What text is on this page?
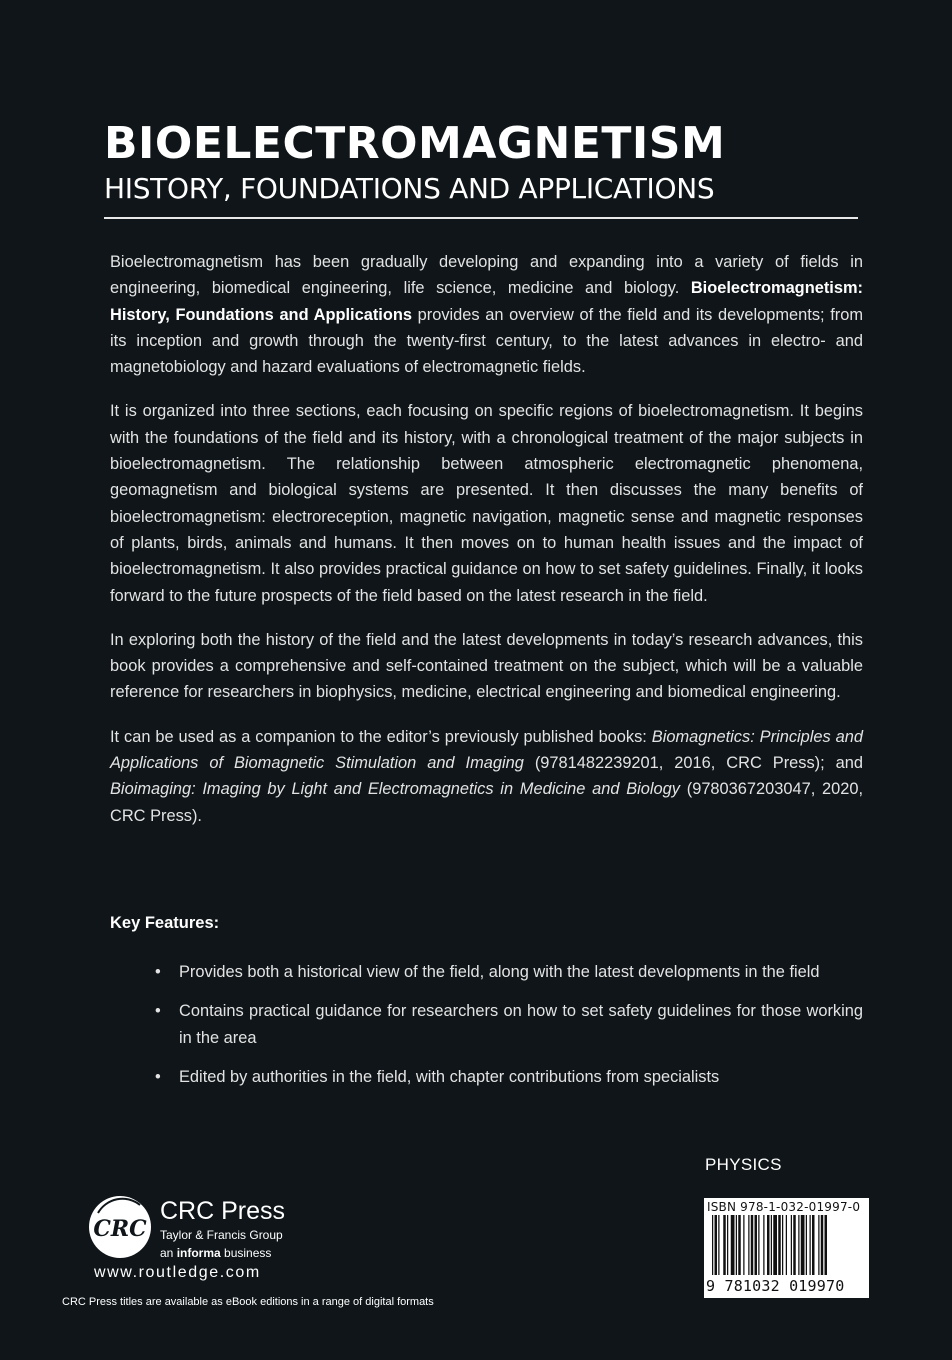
BIOELECTROMAGNETISM
HISTORY, FOUNDATIONS AND APPLICATIONS

Bioelectromagnetism has been gradually developing and expanding into a variety of fields in engineering, biomedical engineering, life science, medicine and biology. Bioelectromagnetism: History, Foundations and Applications provides an overview of the field and its developments; from its inception and growth through the twenty-first century, to the latest advances in electro- and magnetobiology and hazard evaluations of electromagnetic fields.

It is organized into three sections, each focusing on specific regions of bioelectromagnetism. It begins with the foundations of the field and its history, with a chronological treatment of the major subjects in bioelectromagnetism. The relationship between atmospheric electromagnetic phenomena, geomagnetism and biological systems are presented. It then discusses the many benefits of bioelectromagnetism: electroreception, magnetic navigation, magnetic sense and magnetic responses of plants, birds, animals and humans. It then moves on to human health issues and the impact of bioelectromagnetism. It also provides practical guidance on how to set safety guidelines. Finally, it looks forward to the future prospects of the field based on the latest research in the field.

In exploring both the history of the field and the latest developments in today’s research advances, this book provides a comprehensive and self-contained treatment on the subject, which will be a valuable reference for researchers in biophysics, medicine, electrical engineering and biomedical engineering.

It can be used as a companion to the editor’s previously published books: Biomagnetics: Principles and Applications of Biomagnetic Stimulation and Imaging (9781482239201, 2016, CRC Press); and Bioimaging: Imaging by Light and Electromagnetics in Medicine and Biology (9780367203047, 2020, CRC Press).

Key Features:
• Provides both a historical view of the field, along with the latest developments in the field
• Contains practical guidance for researchers on how to set safety guidelines for those working in the area
• Edited by authorities in the field, with chapter contributions from specialists
PHYSICS
ISBN 978-1-032-01997-0
9 781032 019970
CRC
CRC Press
Taylor & Francis Group
an informa business
www.routledge.com
CRC Press titles are available as eBook editions in a range of digital formats
